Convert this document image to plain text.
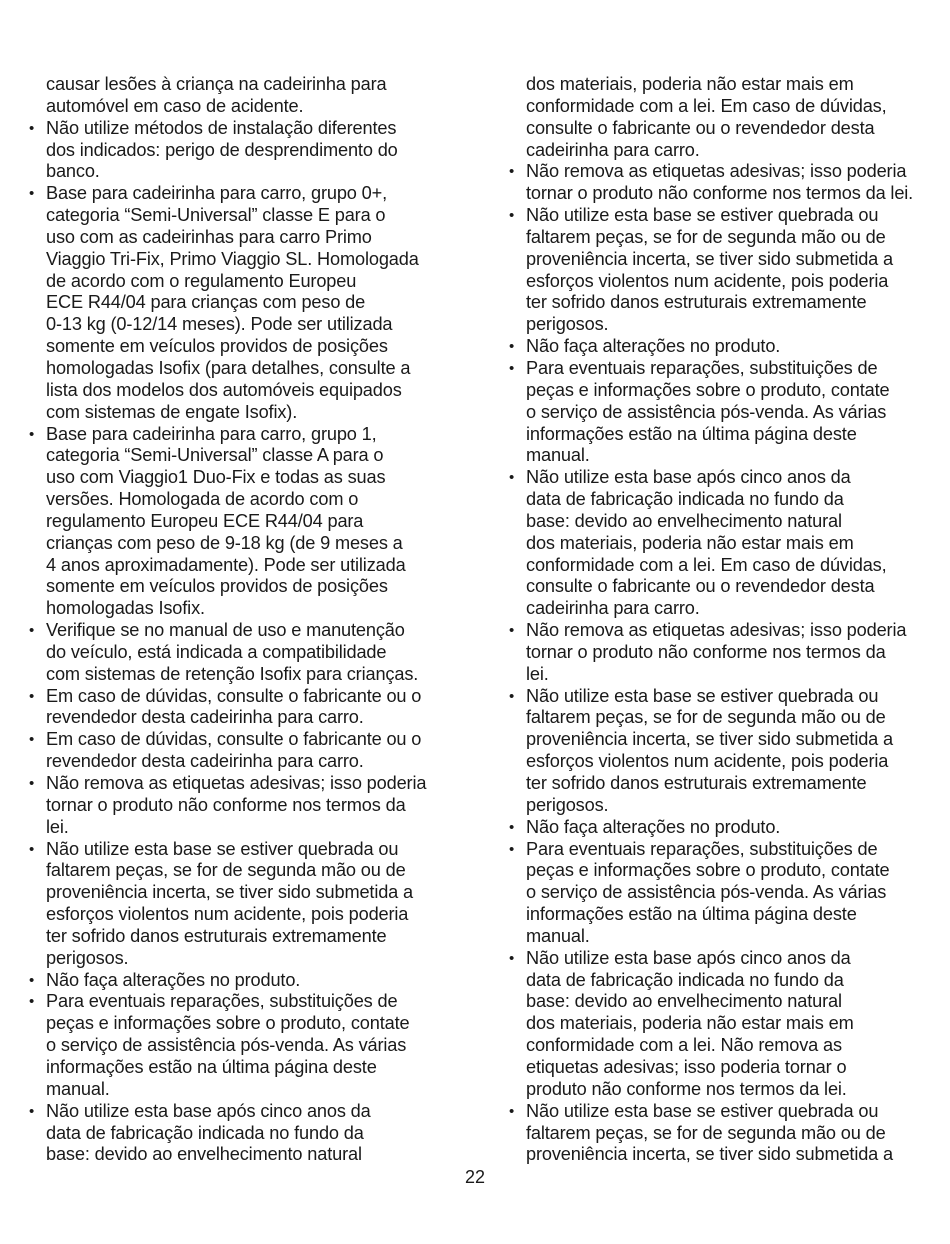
causar lesões à criança na cadeirinha para
automóvel em caso de acidente.
• Não utilize métodos de instalação diferentes
dos indicados: perigo de desprendimento do
banco.
• Base para cadeirinha para carro, grupo 0+,
categoria “Semi-Universal” classe E para o
uso com as cadeirinhas para carro Primo
Viaggio Tri-Fix, Primo Viaggio SL. Homologada
de acordo com o regulamento Europeu
ECE R44/04 para crianças com peso de
0-13 kg (0-12/14 meses). Pode ser utilizada
somente em veículos providos de posições
homologadas Isofix (para detalhes, consulte a
lista dos modelos dos automóveis equipados
com sistemas de engate Isofix).
• Base para cadeirinha para carro, grupo 1,
categoria “Semi-Universal” classe A para o
uso com Viaggio1 Duo-Fix e todas as suas
versões. Homologada de acordo com o
regulamento Europeu ECE R44/04 para
crianças com peso de 9-18 kg (de 9 meses a
4 anos aproximadamente). Pode ser utilizada
somente em veículos providos de posições
homologadas Isofix.
• Verifique se no manual de uso e manutenção
do veículo, está indicada a compatibilidade
com sistemas de retenção Isofix para crianças.
• Em caso de dúvidas, consulte o fabricante ou o
revendedor desta cadeirinha para carro.
• Em caso de dúvidas, consulte o fabricante ou o
revendedor desta cadeirinha para carro.
• Não remova as etiquetas adesivas; isso poderia
tornar o produto não conforme nos termos da
lei.
• Não utilize esta base se estiver quebrada ou
faltarem peças, se for de segunda mão ou de
proveniência incerta, se tiver sido submetida a
esforços violentos num acidente, pois poderia
ter sofrido danos estruturais extremamente
perigosos.
• Não faça alterações no produto.
• Para eventuais reparações, substituições de
peças e informações sobre o produto, contate
o serviço de assistência pós-venda. As várias
informações estão na última página deste
manual.
• Não utilize esta base após cinco anos da
data de fabricação indicada no fundo da
base: devido ao envelhecimento natural
dos materiais, poderia não estar mais em
conformidade com a lei. Em caso de dúvidas,
consulte o fabricante ou o revendedor desta
cadeirinha para carro.
• Não remova as etiquetas adesivas; isso poderia
tornar o produto não conforme nos termos da lei.
• Não utilize esta base se estiver quebrada ou
faltarem peças, se for de segunda mão ou de
proveniência incerta, se tiver sido submetida a
esforços violentos num acidente, pois poderia
ter sofrido danos estruturais extremamente
perigosos.
• Não faça alterações no produto.
• Para eventuais reparações, substituições de
peças e informações sobre o produto, contate
o serviço de assistência pós-venda. As várias
informações estão na última página deste
manual.
• Não utilize esta base após cinco anos da
data de fabricação indicada no fundo da
base: devido ao envelhecimento natural
dos materiais, poderia não estar mais em
conformidade com a lei. Em caso de dúvidas,
consulte o fabricante ou o revendedor desta
cadeirinha para carro.
• Não remova as etiquetas adesivas; isso poderia
tornar o produto não conforme nos termos da
lei.
• Não utilize esta base se estiver quebrada ou
faltarem peças, se for de segunda mão ou de
proveniência incerta, se tiver sido submetida a
esforços violentos num acidente, pois poderia
ter sofrido danos estruturais extremamente
perigosos.
• Não faça alterações no produto.
• Para eventuais reparações, substituições de
peças e informações sobre o produto, contate
o serviço de assistência pós-venda. As várias
informações estão na última página deste
manual.
• Não utilize esta base após cinco anos da
data de fabricação indicada no fundo da
base: devido ao envelhecimento natural
dos materiais, poderia não estar mais em
conformidade com a lei. Não remova as
etiquetas adesivas; isso poderia tornar o
produto não conforme nos termos da lei.
• Não utilize esta base se estiver quebrada ou
faltarem peças, se for de segunda mão ou de
proveniência incerta, se tiver sido submetida a
22
